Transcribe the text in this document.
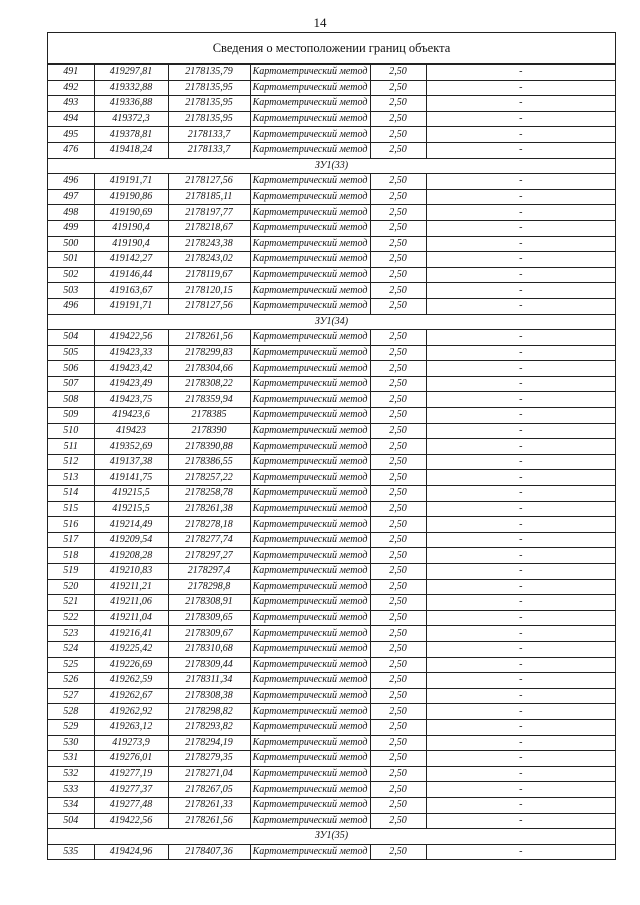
14
Сведения о местоположении границ объекта
491	419297,81	2178135,79	Картометрический метод	2,50	-
492	419332,88	2178135,95	Картометрический метод	2,50	-
493	419336,88	2178135,95	Картометрический метод	2,50	-
494	419372,3	2178135,95	Картометрический метод	2,50	-
495	419378,81	2178133,7	Картометрический метод	2,50	-
476	419418,24	2178133,7	Картометрический метод	2,50	-
ЗУ1(33)					
496	419191,71	2178127,56	Картометрический метод	2,50	-
497	419190,86	2178185,11	Картометрический метод	2,50	-
498	419190,69	2178197,77	Картометрический метод	2,50	-
499	419190,4	2178218,67	Картометрический метод	2,50	-
500	419190,4	2178243,38	Картометрический метод	2,50	-
501	419142,27	2178243,02	Картометрический метод	2,50	-
502	419146,44	2178119,67	Картометрический метод	2,50	-
503	419163,67	2178120,15	Картометрический метод	2,50	-
496	419191,71	2178127,56	Картометрический метод	2,50	-
ЗУ1(34)					
504	419422,56	2178261,56	Картометрический метод	2,50	-
505	419423,33	2178299,83	Картометрический метод	2,50	-
506	419423,42	2178304,66	Картометрический метод	2,50	-
507	419423,49	2178308,22	Картометрический метод	2,50	-
508	419423,75	2178359,94	Картометрический метод	2,50	-
509	419423,6	2178385	Картометрический метод	2,50	-
510	419423	2178390	Картометрический метод	2,50	-
511	419352,69	2178390,88	Картометрический метод	2,50	-
512	419137,38	2178386,55	Картометрический метод	2,50	-
513	419141,75	2178257,22	Картометрический метод	2,50	-
514	419215,5	2178258,78	Картометрический метод	2,50	-
515	419215,5	2178261,38	Картометрический метод	2,50	-
516	419214,49	2178278,18	Картометрический метод	2,50	-
517	419209,54	2178277,74	Картометрический метод	2,50	-
518	419208,28	2178297,27	Картометрический метод	2,50	-
519	419210,83	2178297,4	Картометрический метод	2,50	-
520	419211,21	2178298,8	Картометрический метод	2,50	-
521	419211,06	2178308,91	Картометрический метод	2,50	-
522	419211,04	2178309,65	Картометрический метод	2,50	-
523	419216,41	2178309,67	Картометрический метод	2,50	-
524	419225,42	2178310,68	Картометрический метод	2,50	-
525	419226,69	2178309,44	Картометрический метод	2,50	-
526	419262,59	2178311,34	Картометрический метод	2,50	-
527	419262,67	2178308,38	Картометрический метод	2,50	-
528	419262,92	2178298,82	Картометрический метод	2,50	-
529	419263,12	2178293,82	Картометрический метод	2,50	-
530	419273,9	2178294,19	Картометрический метод	2,50	-
531	419276,01	2178279,35	Картометрический метод	2,50	-
532	419277,19	2178271,04	Картометрический метод	2,50	-
533	419277,37	2178267,05	Картометрический метод	2,50	-
534	419277,48	2178261,33	Картометрический метод	2,50	-
504	419422,56	2178261,56	Картометрический метод	2,50	-
ЗУ1(35)					
535	419424,96	2178407,36	Картометрический метод	2,50	-
